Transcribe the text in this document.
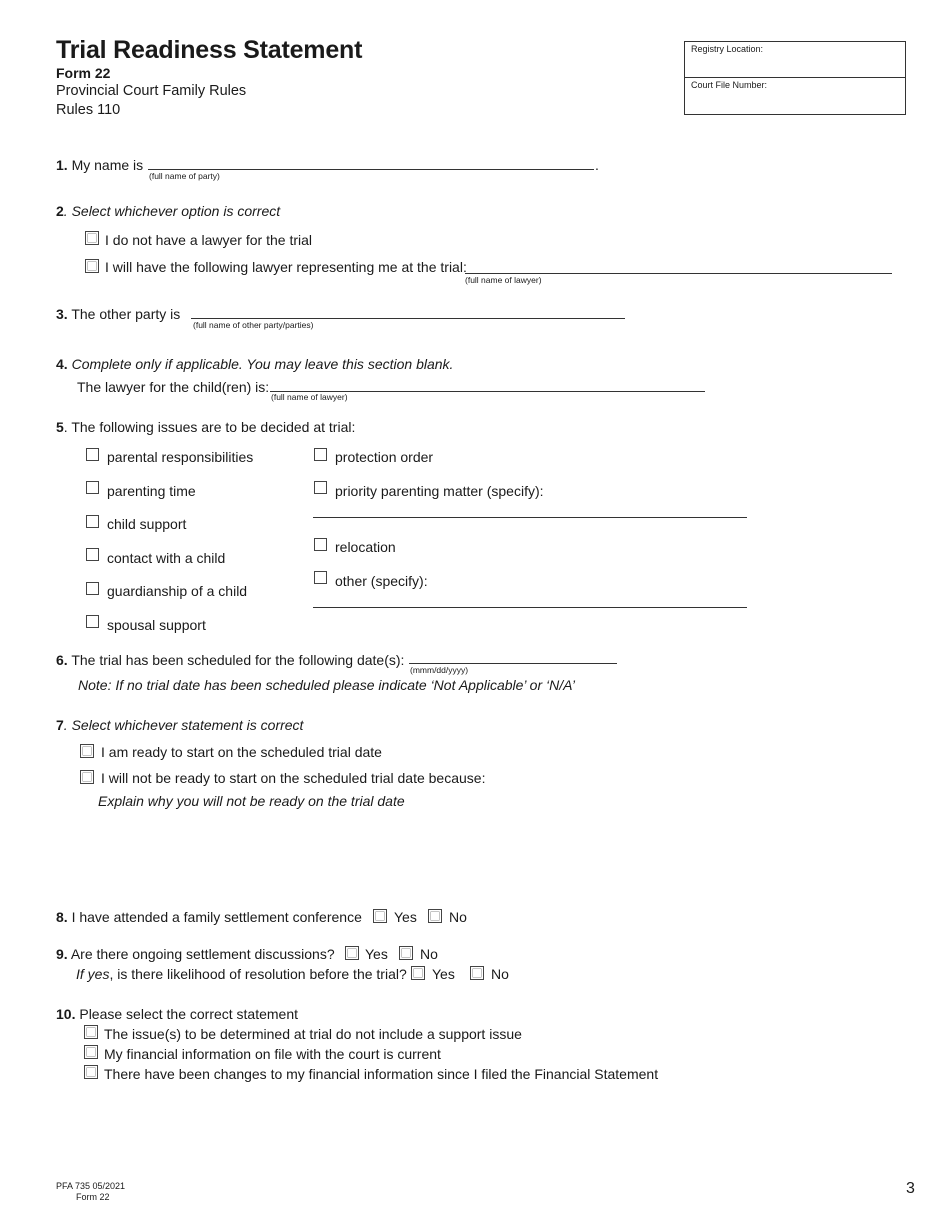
Trial Readiness Statement
Form 22
Provincial Court Family Rules
Rules 110
Registry Location:
Court File Number:
1. My name is	.
(full name of party)
2. Select whichever option is correct
I do not have a lawyer for the trial
I will have the following lawyer representing me at the trial:
(full name of lawyer)
3. The other party is
(full name of other party/parties)
4. Complete only if applicable. You may leave this section blank.
The lawyer for the child(ren) is:
(full name of lawyer)
5. The following issues are to be decided at trial:
parental responsibilities
parenting time
child support
contact with a child
guardianship of a child
spousal support
protection order
priority parenting matter (specify):
relocation
other (specify):
6. The trial has been scheduled for the following date(s):
(mmm/dd/yyyy)
Note: If no trial date has been scheduled please indicate ‘Not Applicable’ or ‘N/A’
7. Select whichever statement is correct
I am ready to start on the scheduled trial date
I will not be ready to start on the scheduled trial date because:
Explain why you will not be ready on the trial date
8. I have attended a family settlement conference Yes No
9. Are there ongoing settlement discussions? Yes No
If yes, is there likelihood of resolution before the trial? Yes	No
10. Please select the correct statement
The issue(s) to be determined at trial do not include a support issue
My financial information on file with the court is current
There have been changes to my financial information since I filed the Financial Statement
PFA 735 05/2021
Form 22	3
